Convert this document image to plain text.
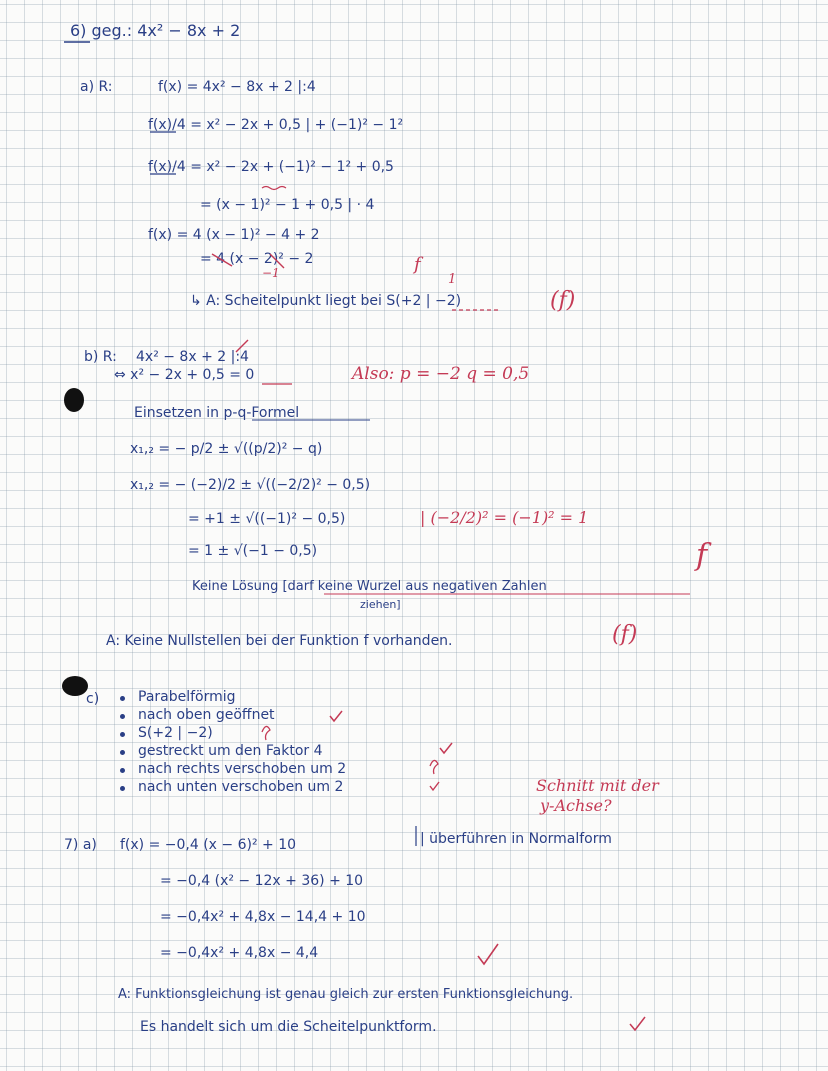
6) geg.: 4x² − 8x + 2
a) R:	f(x) = 4x² − 8x + 2 |:4
f(x)/4 = x² − 2x + 0,5 | + (−1)² − 1²
f(x)/4 = x² − 2x + (−1)² − 1² + 0,5
= (x − 1)² − 1 + 0,5 | · 4
f(x) = 4 (x − 1)² − 4 + 2
= 4 (x − 2)² − 2
↳ A: Scheitelpunkt liegt bei S(+2 | −2)
−1	f
1
(f)
b) R: 4x² − 8x + 2 |:4
⇔ x² − 2x + 0,5 = 0	Also: p = −2 q = 0,5
Einsetzen in p-q-Formel
x₁,₂ = − p/2 ± √((p/2)² − q)
x₁,₂ = − (−2)/2 ± √((−2/2)² − 0,5)
= +1 ± √((−1)² − 0,5)
= 1 ± √(−1 − 0,5)
| (−2/2)² = (−1)² = 1
Keine Lösung [darf keine Wurzel aus negativen Zahlen
ziehen]
f
A: Keine Nullstellen bei der Funktion f vorhanden.	(f)
c)	Parabelförmig
nach oben geöffnet
S(+2 | −2)
gestreckt um den Faktor 4
nach rechts verschoben um 2
nach unten verschoben um 2	Schnitt mit der
y-Achse?
7) a) f(x) = −0,4 (x − 6)² + 10	| überführen in Normalform
= −0,4 (x² − 12x + 36) + 10
= −0,4x² + 4,8x − 14,4 + 10
= −0,4x² + 4,8x − 4,4
A: Funktionsgleichung ist genau gleich zur ersten Funktionsgleichung.
Es handelt sich um die Scheitelpunktform.
